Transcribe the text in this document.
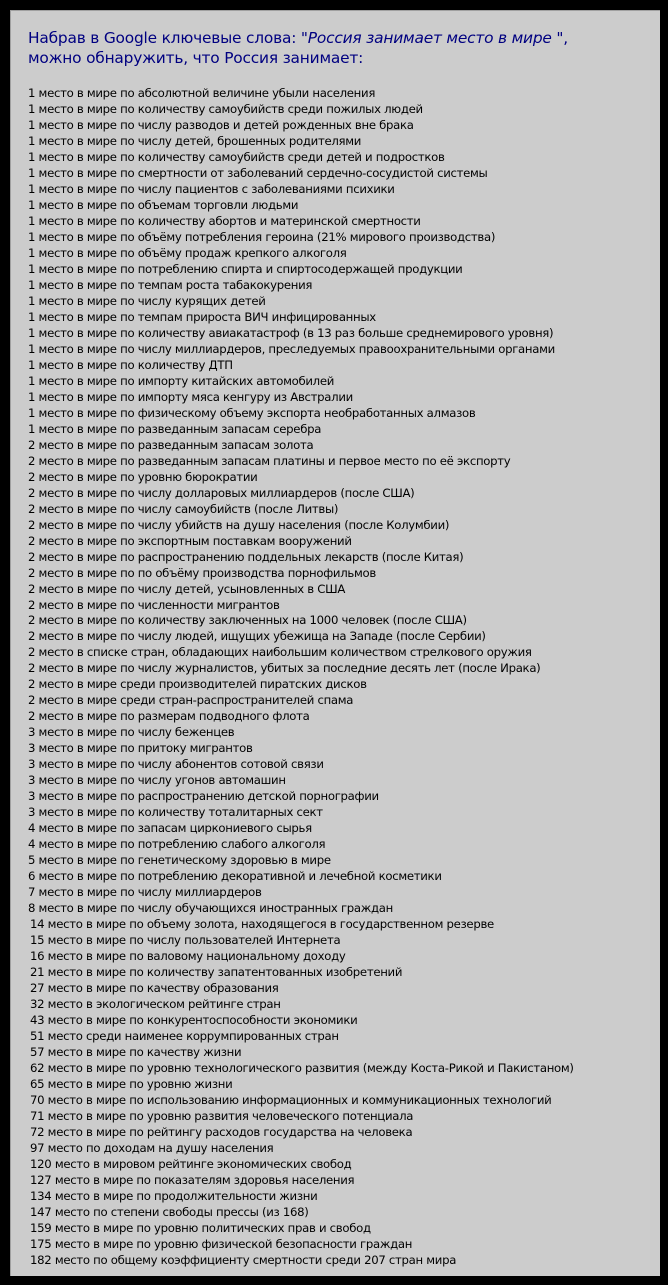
Набрав в Google ключевые слова: "Россия занимает место в мире ",
можно обнаружить, что Россия занимает:
1 место в мире по абсолютной величине убыли населения
1 место в мире по количеству самоубийств среди пожилых людей
1 место в мире по числу разводов и детей рожденных вне брака
1 место в мире по числу детей, брошенных родителями
1 место в мире по количеству самоубийств среди детей и подростков
1 место в мире по смертности от заболеваний сердечно-сосудистой системы
1 место в мире по числу пациентов с заболеваниями психики
1 место в мире по объемам торговли людьми
1 место в мире по количеству абортов и материнской смертности
1 место в мире по объёму потребления героина (21% мирового производства)
1 место в мире по объёму продаж крепкого алкоголя
1 место в мире по потреблению спирта и спиртосодержащей продукции
1 место в мире по темпам роста табакокурения
1 место в мире по числу курящих детей
1 место в мире по темпам прироста ВИЧ инфицированных
1 место в мире по количеству авиакатастроф (в 13 раз больше среднемирового уровня)
1 место в мире по числу миллиардеров, преследуемых правоохранительными органами
1 место в мире по количеству ДТП
1 место в мире по импорту китайских автомобилей
1 место в мире по импорту мяса кенгуру из Австралии
1 место в мире по физическому объему экспорта необработанных алмазов
1 место в мире по разведанным запасам серебра
2 место в мире по разведанным запасам золота
2 место в мире по разведанным запасам платины и первое место по её экспорту
2 место в мире по уровню бюрократии
2 место в мире по числу долларовых миллиардеров (после США)
2 место в мире по числу самоубийств (после Литвы)
2 место в мире по числу убийств на душу населения (после Колумбии)
2 место в мире по экспортным поставкам вооружений
2 место в мире по распространению поддельных лекарств (после Китая)
2 место в мире по по объёму производства порнофильмов
2 место в мире по числу детей, усыновленных в США
2 место в мире по численности мигрантов
2 место в мире по количеству заключенных на 1000 человек (после США)
2 место в мире по числу людей, ищущих убежища на Западе (после Сербии)
2 место в списке стран, обладающих наибольшим количеством стрелкового оружия
2 место в мире по числу журналистов, убитых за последние десять лет (после Ирака)
2 место в мире среди производителей пиратских дисков
2 место в мире среди стран-распространителей спама
2 место в мире по размерам подводного флота
3 место в мире по числу беженцев
3 место в мире по притоку мигрантов
3 место в мире по числу абонентов сотовой связи
3 место в мире по числу угонов автомашин
3 место в мире по распространению детской порнографии
3 место в мире по количеству тоталитарных сект
4 место в мире по запасам циркониевого сырья
4 место в мире по потреблению слабого алкоголя
5 место в мире по генетическому здоровью в мире
6 место в мире по потреблению декоративной и лечебной косметики
7 место в мире по числу миллиардеров
8 место в мире по числу обучающихся иностранных граждан
14 место в мире по объему золота, находящегося в государственном резерве
15 место в мире по числу пользователей Интернета
16 место в мире по валовому национальному доходу
21 место в мире по количеству запатентованных изобретений
27 место в мире по качеству образования
32 место в экологическом рейтинге стран
43 место в мире по конкурентоспособности экономики
51 место среди наименее коррумпированных стран
57 место в мире по качеству жизни
62 место в мире по уровню технологического развития (между Коста-Рикой и Пакистаном)
65 место в мире по уровню жизни
70 место в мире по использованию информационных и коммуникационных технологий
71 место в мире по уровню развития человеческого потенциала
72 место в мире по рейтингу расходов государства на человека
97 место по доходам на душу населения
120 место в мировом рейтинге экономических свобод
127 место в мире по показателям здоровья населения
134 место в мире по продолжительности жизни
147 место по степени свободы прессы (из 168)
159 место в мире по уровню политических прав и свобод
175 место в мире по уровню физической безопасности граждан
182 место по общему коэффициенту смертности среди 207 стран мира
